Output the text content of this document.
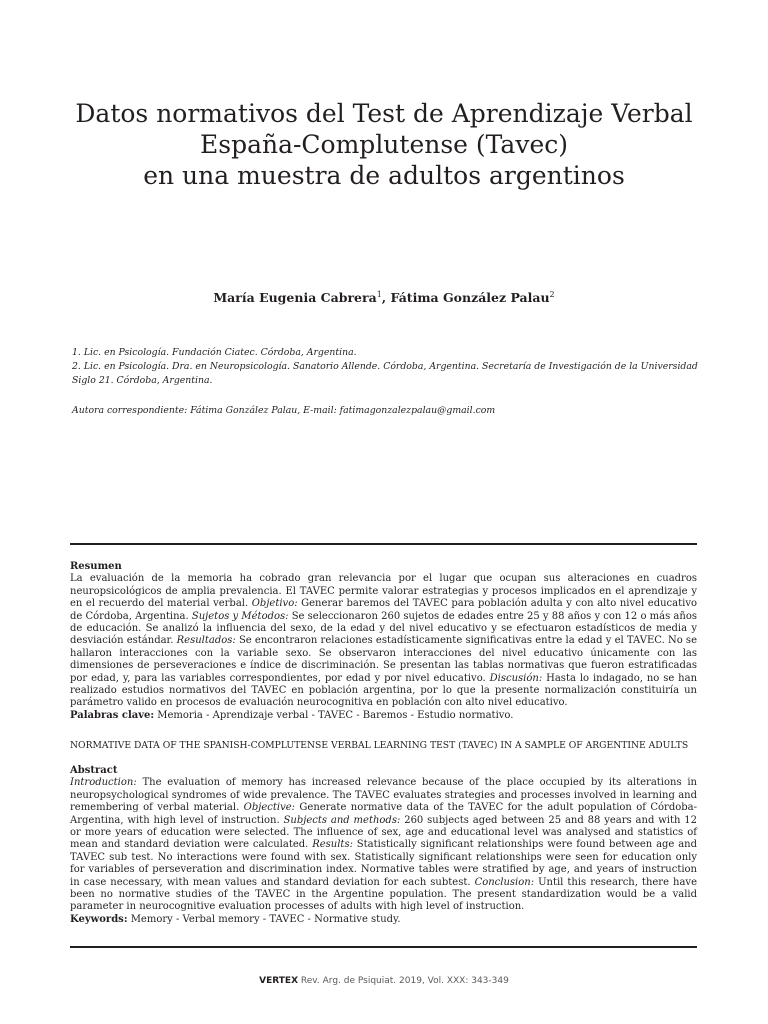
Datos normativos del Test de Aprendizaje Verbal
España-Complutense (Tavec)
en una muestra de adultos argentinos
María Eugenia Cabrera$^1$, Fátima González Palau$^2$

1. Lic. en Psicología. Fundación Ciatec. Córdoba, Argentina.

2. Lic. en Psicología. Dra. en Neuropsicología. Sanatorio Allende. Córdoba, Argentina. Secretaría de Investigación de la Universidad Siglo 21. Córdoba, Argentina.

Autora correspondiente: Fátima González Palau, E-mail: fatimagonzalezpalau@gmail.com

Resumen

La evaluación de la memoria ha cobrado gran relevancia por el lugar que ocupan sus alteraciones en cuadros neuropsicológicos de amplia prevalencia. El TAVEC permite valorar estrategias y procesos implicados en el aprendizaje y en el recuerdo del material verbal. Objetivo: Generar baremos del TAVEC para población adulta y con alto nivel educativo de Córdoba, Argentina. Sujetos y Métodos: Se seleccionaron 260 sujetos de edades entre 25 y 88 años y con 12 o más años de educación. Se analizó la influencia del sexo, de la edad y del nivel educativo y se efectuaron estadísticos de media y desviación estándar. Resultados: Se encontraron relaciones estadísticamente significativas entre la edad y el TAVEC. No se hallaron interacciones con la variable sexo. Se observaron interacciones del nivel educativo únicamente con las dimensiones de perseveraciones e índice de discriminación. Se presentan las tablas normativas que fueron estratificadas por edad, y, para las variables correspondientes, por edad y por nivel educativo. Discusión: Hasta lo indagado, no se han realizado estudios normativos del TAVEC en población argentina, por lo que la presente normalización constituiría un parámetro valido en procesos de evaluación neurocognitiva en población con alto nivel educativo.

Palabras clave: Memoria - Aprendizaje verbal - TAVEC - Baremos - Estudio normativo.

NORMATIVE DATA OF THE SPANISH-COMPLUTENSE VERBAL LEARNING TEST (TAVEC) IN A SAMPLE OF ARGENTINE ADULTS

Abstract

Introduction: The evaluation of memory has increased relevance because of the place occupied by its alterations in neuropsychological syndromes of wide prevalence. The TAVEC evaluates strategies and processes involved in learning and remembering of verbal material. Objective: Generate normative data of the TAVEC for the adult population of Córdoba-Argentina, with high level of instruction. Subjects and methods: 260 subjects aged between 25 and 88 years and with 12 or more years of education were selected. The influence of sex, age and educational level was analysed and statistics of mean and standard deviation were calculated. Results: Statistically significant relationships were found between age and TAVEC sub test. No interactions were found with sex. Statistically significant relationships were seen for education only for variables of perseveration and discrimination index. Normative tables were stratified by age, and years of instruction in case necessary, with mean values and standard deviation for each subtest. Conclusion: Until this research, there have been no normative studies of the TAVEC in the Argentine population. The present standardization would be a valid parameter in neurocognitive evaluation processes of adults with high level of instruction.

Keywords: Memory - Verbal memory - TAVEC - Normative study.

VERTEX Rev. Arg. de Psiquiat. 2019, Vol. XXX: 343-349
